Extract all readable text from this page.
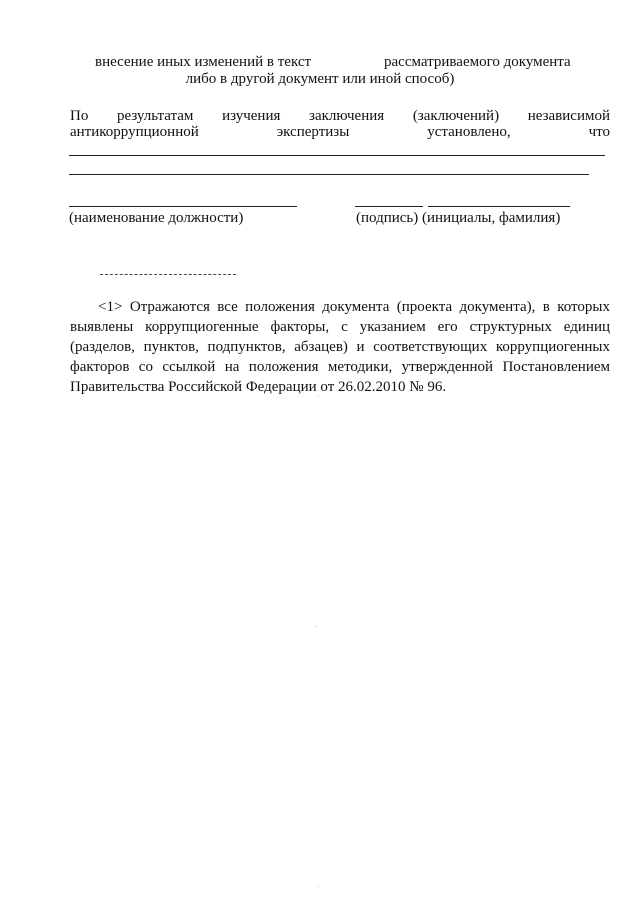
внесение иных изменений в текст	рассматриваемого документа
либо в другой документ или иной способ)
По результатам изучения заключения (заключений) независимой
антикоррупционной	экспертизы	установлено,	что
(наименование должности)	(подпись) (инициалы, фамилия)
<1> Отражаются все положения документа (проекта документа), в которых выявлены коррупциогенные факторы, с указанием его структурных единиц (разделов, пунктов, подпунктов, абзацев) и соответствующих коррупциогенных факторов со ссылкой на положения методики, утвержденной Постановлением Правительства Российской Федерации от 26.02.2010 № 96.
